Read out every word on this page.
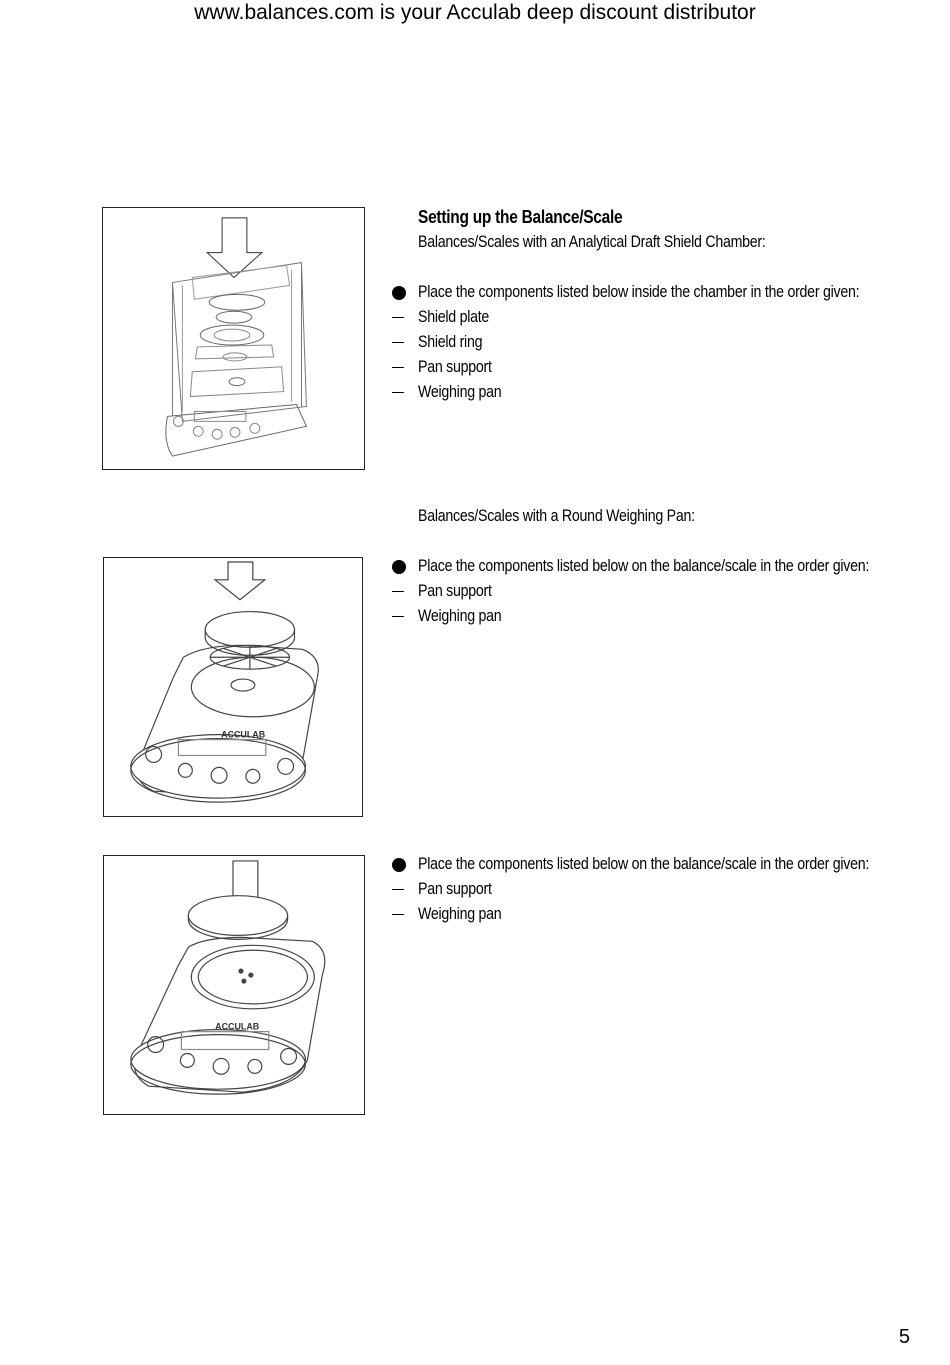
www.balances.com is your Acculab deep discount distributor
Setting up the Balance/Scale
Balances/Scales with an Analytical Draft Shield Chamber:
Place the components listed below inside the chamber in the order given:
Shield plate
Shield ring
Pan support
Weighing pan
ACCULAB
Balances/Scales with a Round Weighing Pan:
Place the components listed below on the balance/scale in the order given:
Pan support
Weighing pan
ACCULAB
Place the components listed below on the balance/scale in the order given:
Pan support
Weighing pan
5
